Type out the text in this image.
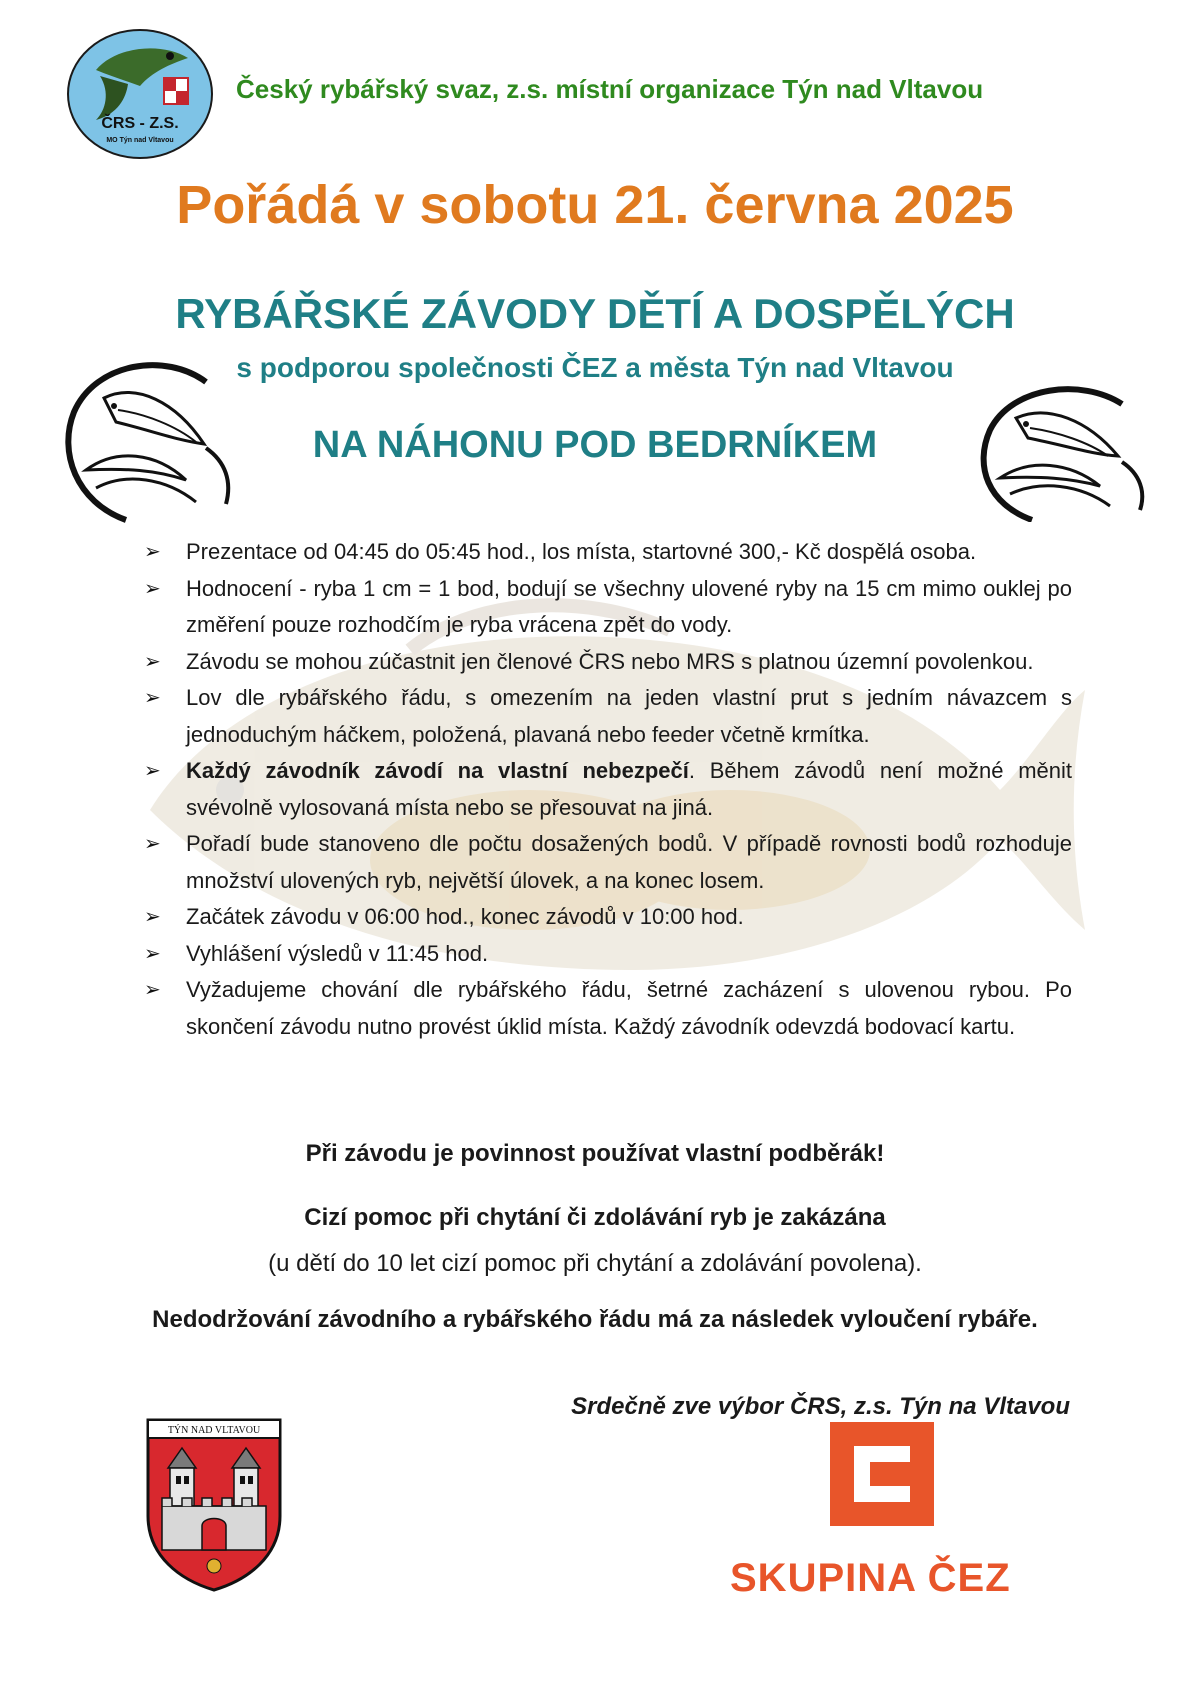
ČRS - Z.S.
MO Týn nad Vltavou
Český rybářský svaz, z.s. místní organizace Týn nad Vltavou
Pořádá v sobotu 21. června 2025
RYBÁŘSKÉ ZÁVODY DĚTÍ A DOSPĚLÝCH
s podporou společnosti ČEZ a města Týn nad Vltavou
NA NÁHONU POD BEDRNÍKEM
➢ Prezentace od 04:45 do 05:45 hod., los místa, startovné 300,- Kč dospělá osoba.
➢ Hodnocení - ryba 1 cm = 1 bod, bodují se všechny ulovené ryby na 15 cm mimo ouklej po změření pouze rozhodčím je ryba vrácena zpět do vody.
➢ Závodu se mohou zúčastnit jen členové ČRS nebo MRS s platnou územní povolenkou.
➢ Lov dle rybářského řádu, s omezením na jeden vlastní prut s jedním návazcem s jednoduchým háčkem, položená, plavaná nebo feeder včetně krmítka.
➢ Každý závodník závodí na vlastní nebezpečí. Během závodů není možné měnit svévolně vylosovaná místa nebo se přesouvat na jiná.
➢ Pořadí bude stanoveno dle počtu dosažených bodů. V případě rovnosti bodů rozhoduje množství ulovených ryb, největší úlovek, a na konec losem.
➢ Začátek závodu v 06:00 hod., konec závodů v 10:00 hod.
➢ Vyhlášení výsledů v 11:45 hod.
➢ Vyžadujeme chování dle rybářského řádu, šetrné zacházení s ulovenou rybou. Po skončení závodu nutno provést úklid místa. Každý závodník odevzdá bodovací kartu.
Při závodu je povinnost používat vlastní podběrák!
Cizí pomoc při chytání či zdolávání ryb je zakázána
(u dětí do 10 let cizí pomoc při chytání a zdolávání povolena).
Nedodržování závodního a rybářského řádu má za následek vyloučení rybáře.
Srdečně zve výbor ČRS, z.s. Týn na Vltavou
TÝN NAD VLTAVOU
SKUPINA ČEZ
